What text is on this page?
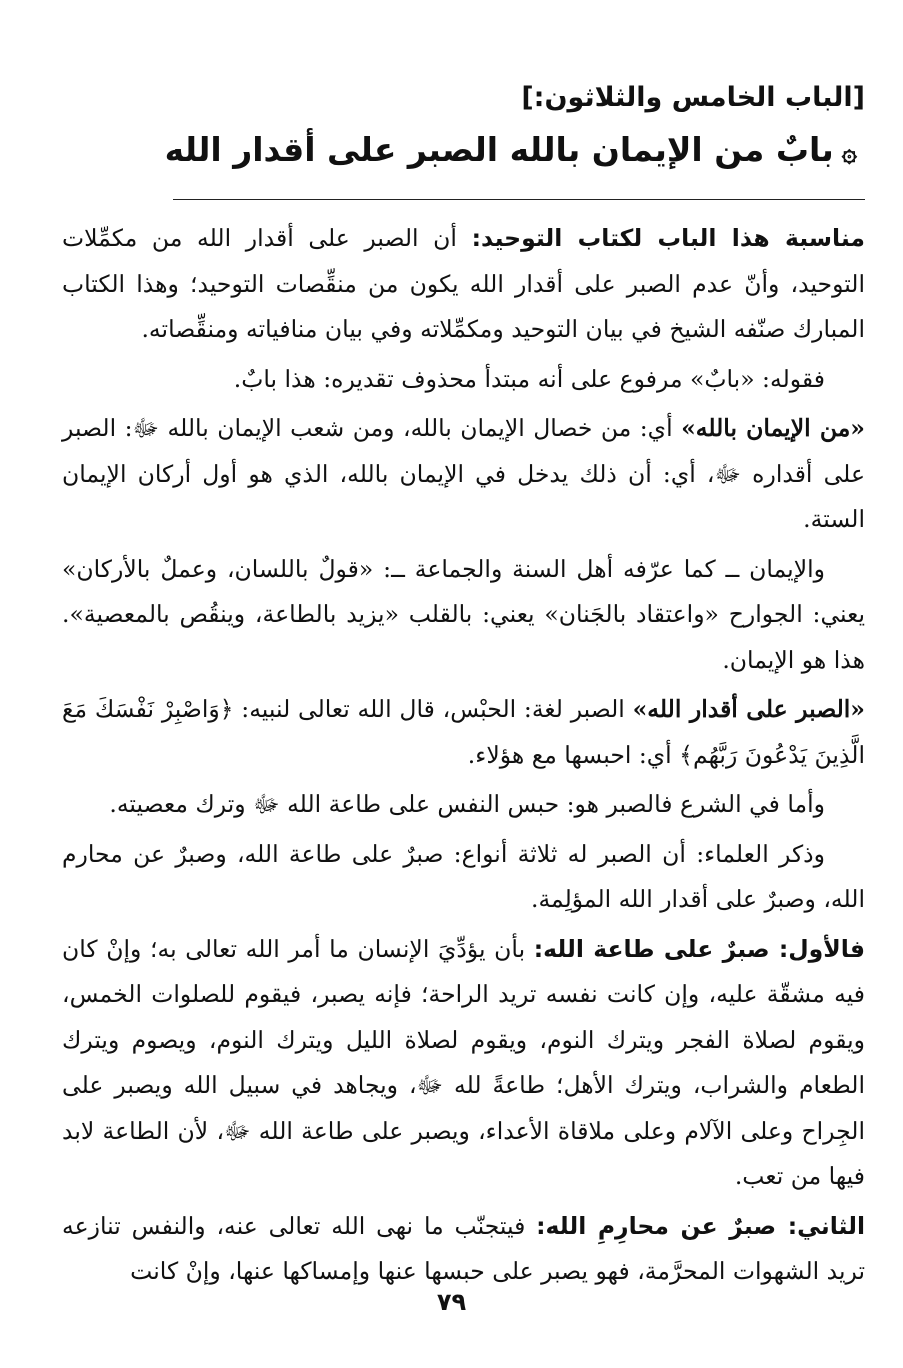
[الباب الخامس والثلاثون:]
۞بابٌ من الإيمان بالله الصبر على أقدار الله

مناسبة هذا الباب لكتاب التوحيد: أن الصبر على أقدار الله من مكمِّلات التوحيد، وأنّ عدم الصبر على أقدار الله يكون من منقِّصات التوحيد؛ وهذا الكتاب المبارك صنّفه الشيخ في بيان التوحيد ومكمِّلاته وفي بيان منافياته ومنقِّصاته.

فقوله: «بابٌ» مرفوع على أنه مبتدأ محذوف تقديره: هذا بابٌ.

«من الإيمان بالله» أي: من خصال الإيمان بالله، ومن شعب الإيمان بالله ﷻ: الصبر على أقداره ﷻ، أي: أن ذلك يدخل في الإيمان بالله، الذي هو أول أركان الإيمان الستة.

والإيمان ــ كما عرّفه أهل السنة والجماعة ــ: «قولٌ باللسان، وعملٌ بالأركان» يعني: الجوارح «واعتقاد بالجَنان» يعني: بالقلب «يزيد بالطاعة، وينقُص بالمعصية». هذا هو الإيمان.

«الصبر على أقدار الله» الصبر لغة: الحبْس، قال الله تعالى لنبيه: ﴿وَاصْبِرْ نَفْسَكَ مَعَ الَّذِينَ يَدْعُونَ رَبَّهُم﴾ أي: احبسها مع هؤلاء.

وأما في الشرع فالصبر هو: حبس النفس على طاعة الله ﷻ وترك معصيته.

وذكر العلماء: أن الصبر له ثلاثة أنواع: صبرٌ على طاعة الله، وصبرٌ عن محارم الله، وصبرٌ على أقدار الله المؤلِمة.

فالأول: صبرٌ على طاعة الله: بأن يؤدِّيَ الإنسان ما أمر الله تعالى به؛ وإنْ كان فيه مشقّة عليه، وإن كانت نفسه تريد الراحة؛ فإنه يصبر، فيقوم للصلوات الخمس، ويقوم لصلاة الفجر ويترك النوم، ويقوم لصلاة الليل ويترك النوم، ويصوم ويترك الطعام والشراب، ويترك الأهل؛ طاعةً لله ﷻ، ويجاهد في سبيل الله ويصبر على الجِراح وعلى الآلام وعلى ملاقاة الأعداء، ويصبر على طاعة الله ﷻ، لأن الطاعة لابد فيها من تعب.

الثاني: صبرٌ عن محارِمِ الله: فيتجنّب ما نهى الله تعالى عنه، والنفس تنازعه تريد الشهوات المحرَّمة، فهو يصبر على حبسها عنها وإمساكها عنها، وإنْ كانت

٧٩
